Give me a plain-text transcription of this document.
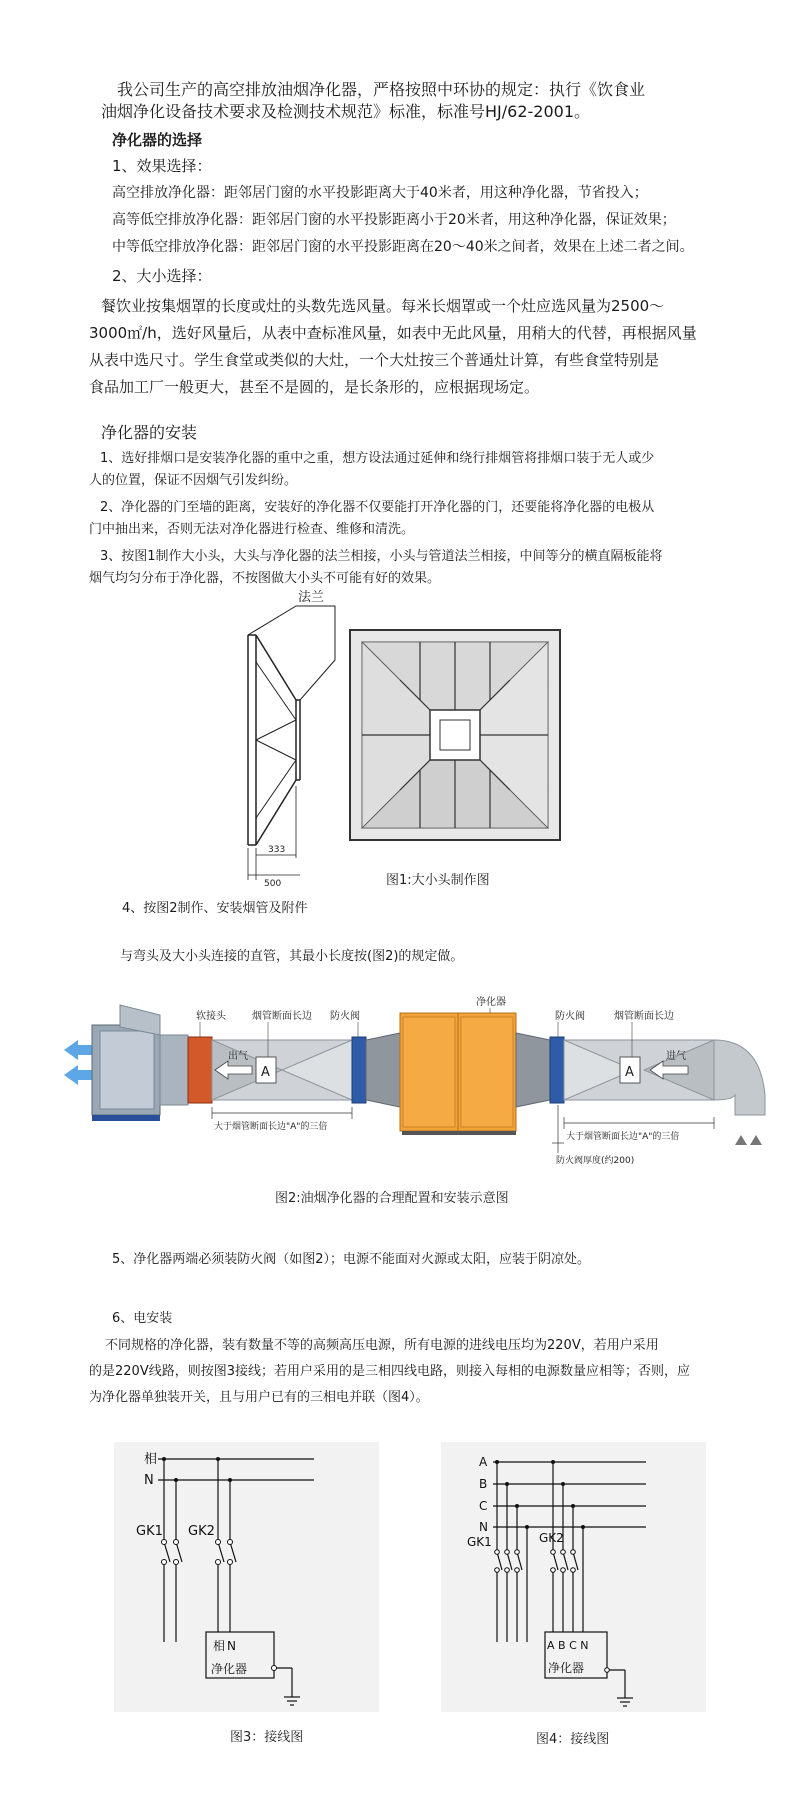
我公司生产的高空排放油烟净化器，严格按照中环协的规定：执行《饮食业
油烟净化设备技术要求及检测技术规范》标准，标准号HJ/62-2001。
净化器的选择
1、效果选择：
高空排放净化器：距邻居门窗的水平投影距离大于40米者，用这种净化器，节省投入；
高等低空排放净化器：距邻居门窗的水平投影距离小于20米者，用这种净化器，保证效果；
中等低空排放净化器：距邻居门窗的水平投影距离在20～40米之间者，效果在上述二者之间。
2、大小选择：
餐饮业按集烟罩的长度或灶的头数先选风量。每米长烟罩或一个灶应选风量为2500～
3000㎡/h，选好风量后，从表中查标准风量，如表中无此风量，用稍大的代替，再根据风量
从表中选尺寸。学生食堂或类似的大灶，一个大灶按三个普通灶计算，有些食堂特别是
食品加工厂一般更大，甚至不是圆的，是长条形的，应根据现场定。
净化器的安装
1、选好排烟口是安装净化器的重中之重，想方设法通过延伸和绕行排烟管将排烟口装于无人或少
人的位置，保证不因烟气引发纠纷。
2、净化器的门至墙的距离，安装好的净化器不仅要能打开净化器的门，还要能将净化器的电极从
门中抽出来，否则无法对净化器进行检查、维修和清洗。
3、按图1制作大小头，大头与净化器的法兰相接，小头与管道法兰相接，中间等分的横直隔板能将
烟气均匀分布于净化器，不按图做大小头不可能有好的效果。
法兰
333
500	图1:大小头制作图
4、按图2制作、安装烟管及附件
与弯头及大小头连接的直管，其最小长度按(图2)的规定做。
A
出气
A
进气
软接头	烟管断面长边 防火阀
净化器
防火阀	烟管断面长边
大于烟管断面长边"A"的三倍
大于烟管断面长边"A"的三倍
防火阀厚度(约200)
图2:油烟净化器的合理配置和安装示意图
5、净化器两端必须装防火阀（如图2）；电源不能面对火源或太阳，应装于阴凉处。
6、电安装
不同规格的净化器，装有数量不等的高频高压电源，所有电源的进线电压均为220V，若用户采用
的是220V线路，则按图3接线；若用户采用的是三相四线电路，则接入每相的电源数量应相等；否则，应
为净化器单独装开关，且与用户已有的三相电并联（图4）。
相
N
GK1 GK2
相 N
净化器
图3：接线图
A
B
C
N
GK1	GK2
A B C N
净化器
图4：接线图
